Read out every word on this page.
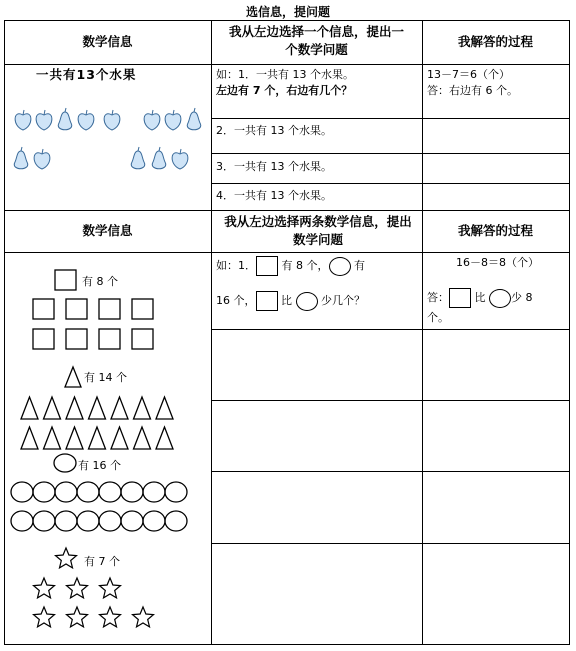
选信息，提问题
数学信息
我从左边选择一个信息，提出一个数学问题
我解答的过程
一共有13个水果	如：1．一共有 13 个水果。
左边有 7 个，右边有几个？
13－7＝6（个）
答：右边有 6 个。
2．一共有 13 个水果。
3．一共有 13 个水果。
4．一共有 13 个水果。
数学信息
我从左边选择两条数学信息，提出数学问题
我解答的过程
有 8 个
有 14 个
有 16 个
有 7 个
如：1． 有 8 个， 有
16 个， 比	少几个？
16－8＝8（个）
答： 比 少 8
个。
